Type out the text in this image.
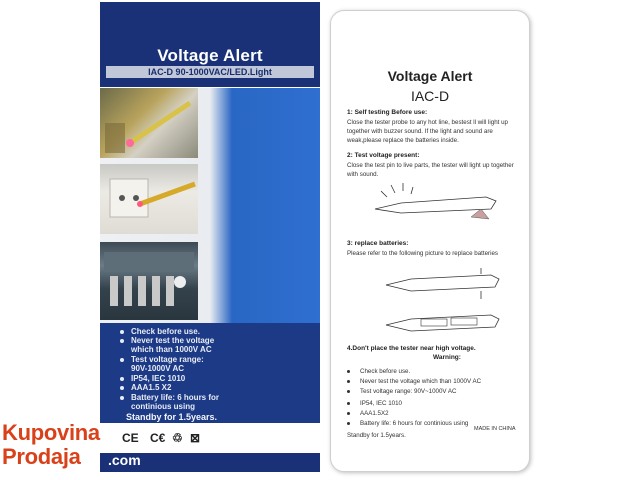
Voltage Alert
IAC-D 90-1000VAC/LED.Light
Check before use.
Never test the voltage
which than 1000V AC
Test voltage range:
90V-1000V AC
IP54, IEC 1010
AAA1.5 X2
Battery life: 6 hours for
continious using
Standby for 1.5years.
CE C€ ♲ ⊠
Voltage Alert
IAC-D
1: Self testing Before use:
Close the tester probe to any hot line, bestest ll will light up together with buzzer sound. If the light and sound are weak,please replace the batteries inside.
2: Test voltage present:
Close the test pin to live parts, the tester will light up together with sound.
3: replace batteries:
Please refer to the following picture to replace batteries
4.Don't place the tester near high voltage.
Warning:
Check before use.
Never test the voltage which than 1000V AC
Test voltage range: 90V~1000V AC
IP54, IEC 1010
AAA1.5X2
Battery life: 6 hours for continious using
Standby for 1.5years.
MADE IN CHINA
Kupovina
Prodaja .com
